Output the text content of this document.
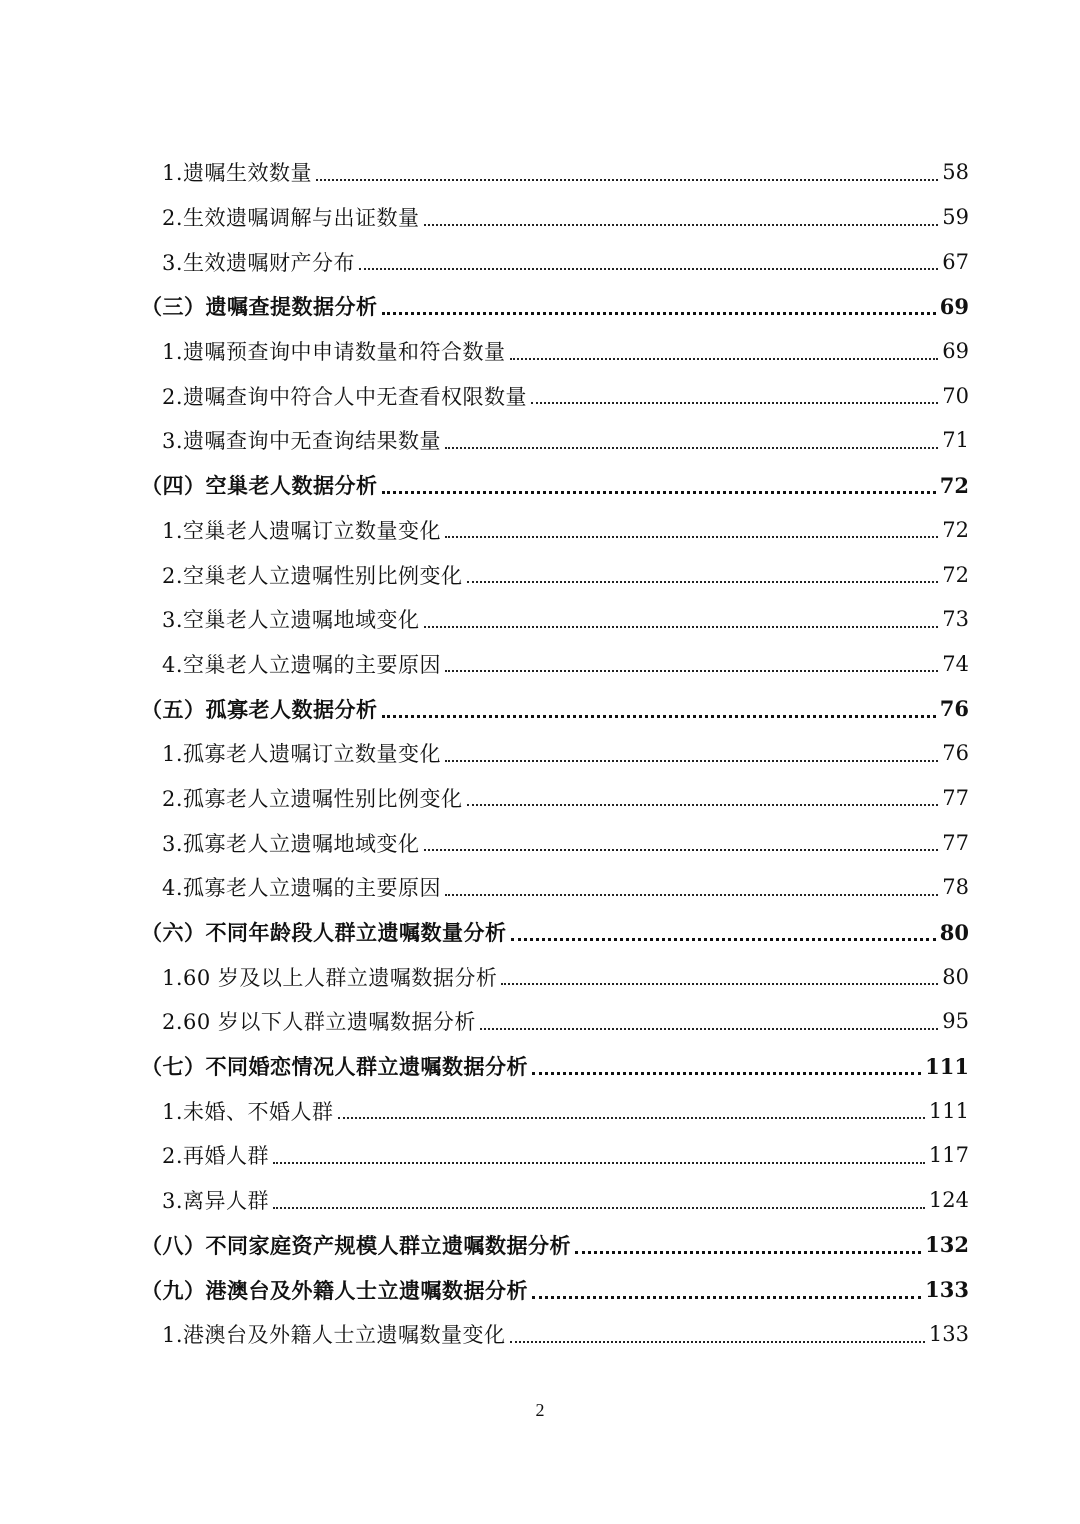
1.遗嘱生效数量	58
2.生效遗嘱调解与出证数量	59
3.生效遗嘱财产分布	67
（三）遗嘱查提数据分析	69
1.遗嘱预查询中申请数量和符合数量	69
2.遗嘱查询中符合人中无查看权限数量	70
3.遗嘱查询中无查询结果数量	71
（四）空巢老人数据分析	72
1.空巢老人遗嘱订立数量变化	72
2.空巢老人立遗嘱性别比例变化	72
3.空巢老人立遗嘱地域变化	73
4.空巢老人立遗嘱的主要原因	74
（五）孤寡老人数据分析	76
1.孤寡老人遗嘱订立数量变化	76
2.孤寡老人立遗嘱性别比例变化	77
3.孤寡老人立遗嘱地域变化	77
4.孤寡老人立遗嘱的主要原因	78
（六）不同年龄段人群立遗嘱数量分析	80
1.60 岁及以上人群立遗嘱数据分析	80
2.60 岁以下人群立遗嘱数据分析	95
（七）不同婚恋情况人群立遗嘱数据分析	111
1.未婚、不婚人群	111
2.再婚人群	117
3.离异人群	124
（八）不同家庭资产规模人群立遗嘱数据分析	132
（九）港澳台及外籍人士立遗嘱数据分析	133
1.港澳台及外籍人士立遗嘱数量变化	133
2
